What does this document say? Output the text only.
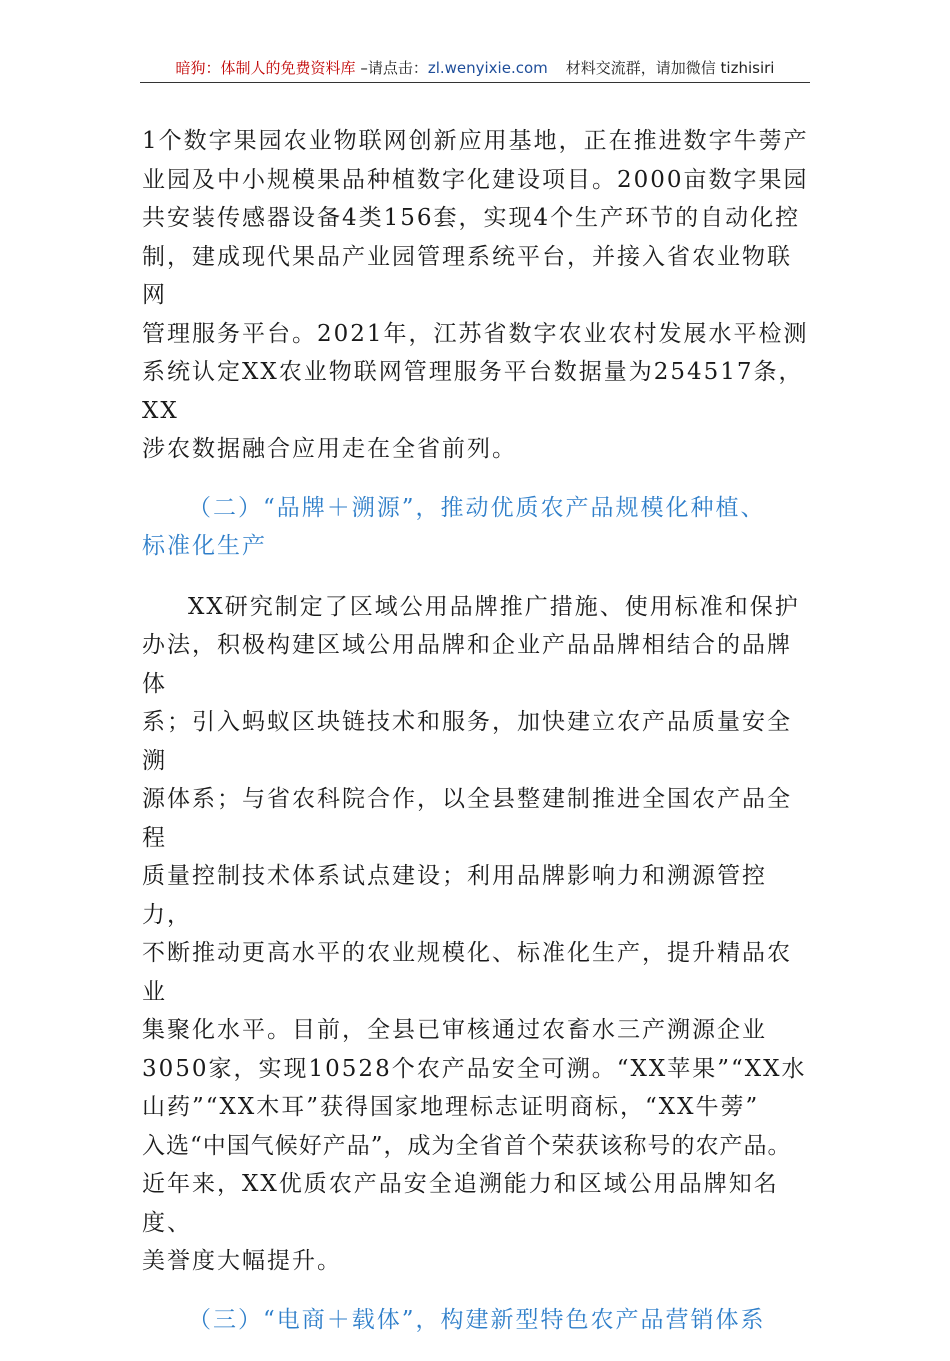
暗狗：体制人的免费资料库 –请点击：zl.wenyixie.com 材料交流群，请加微信 tizhisiri

1个数字果园农业物联网创新应用基地，正在推进数字牛蒡产

业园及中小规模果品种植数字化建设项目。2000亩数字果园

共安装传感器设备4类156套，实现4个生产环节的自动化控

制，建成现代果品产业园管理系统平台，并接入省农业物联网

管理服务平台。2021年，江苏省数字农业农村发展水平检测

系统认定XX农业物联网管理服务平台数据量为254517条，XX

涉农数据融合应用走在全省前列。

（二）“品牌＋溯源”，推动优质农产品规模化种植、

标准化生产

XX研究制定了区域公用品牌推广措施、使用标准和保护

办法，积极构建区域公用品牌和企业产品品牌相结合的品牌体

系；引入蚂蚁区块链技术和服务，加快建立农产品质量安全溯

源体系；与省农科院合作，以全县整建制推进全国农产品全程

质量控制技术体系试点建设；利用品牌影响力和溯源管控力，

不断推动更高水平的农业规模化、标准化生产，提升精品农业

集聚化水平。目前，全县已审核通过农畜水三产溯源企业

3050家，实现10528个农产品安全可溯。“XX苹果”“XX水

山药”“XX木耳”获得国家地理标志证明商标，“XX牛蒡”

入选“中国气候好产品”，成为全省首个荣获该称号的农产品。

近年来，XX优质农产品安全追溯能力和区域公用品牌知名度、

美誉度大幅提升。

（三）“电商＋载体”，构建新型特色农产品营销体系
